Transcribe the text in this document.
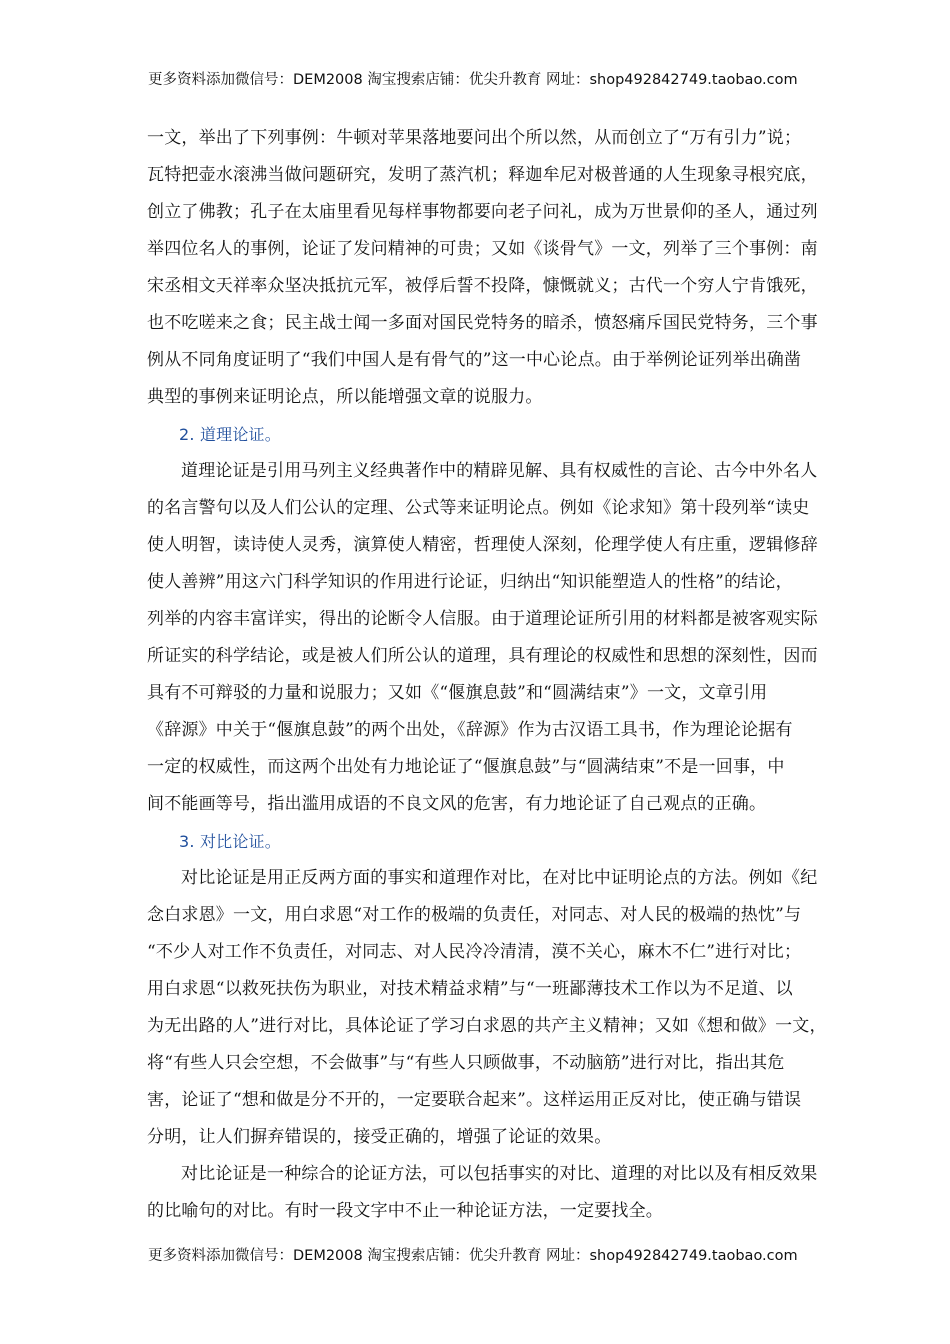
更多资料添加微信号：DEM2008 淘宝搜索店铺：优尖升教育 网址：shop492842749.taobao.com
一文，举出了下列事例：牛顿对苹果落地要问出个所以然，从而创立了“万有引力”说；
瓦特把壶水滚沸当做问题研究，发明了蒸汽机；释迦牟尼对极普通的人生现象寻根究底，
创立了佛教；孔子在太庙里看见每样事物都要向老子问礼，成为万世景仰的圣人，通过列
举四位名人的事例，论证了发问精神的可贵；又如《谈骨气》一文，列举了三个事例：南
宋丞相文天祥率众坚决抵抗元军，被俘后誓不投降，慷慨就义；古代一个穷人宁肯饿死，
也不吃嗟来之食；民主战士闻一多面对国民党特务的暗杀，愤怒痛斥国民党特务，三个事
例从不同角度证明了“我们中国人是有骨气的”这一中心论点。由于举例论证列举出确凿
典型的事例来证明论点，所以能增强文章的说服力。
2. 道理论证。
道理论证是引用马列主义经典著作中的精辟见解、具有权威性的言论、古今中外名人
的名言警句以及人们公认的定理、公式等来证明论点。例如《论求知》第十段列举“读史
使人明智，读诗使人灵秀，演算使人精密，哲理使人深刻，伦理学使人有庄重，逻辑修辞
使人善辨”用这六门科学知识的作用进行论证，归纳出“知识能塑造人的性格”的结论，
列举的内容丰富详实，得出的论断令人信服。由于道理论证所引用的材料都是被客观实际
所证实的科学结论，或是被人们所公认的道理，具有理论的权威性和思想的深刻性，因而
具有不可辩驳的力量和说服力；又如《“偃旗息鼓”和“圆满结束”》一文，文章引用
《辞源》中关于“偃旗息鼓”的两个出处，《辞源》作为古汉语工具书，作为理论论据有
一定的权威性，而这两个出处有力地论证了“偃旗息鼓”与“圆满结束”不是一回事，中
间不能画等号，指出滥用成语的不良文风的危害，有力地论证了自己观点的正确。
3. 对比论证。
对比论证是用正反两方面的事实和道理作对比，在对比中证明论点的方法。例如《纪
念白求恩》一文，用白求恩“对工作的极端的负责任，对同志、对人民的极端的热忱”与
“不少人对工作不负责任，对同志、对人民冷冷清清，漠不关心，麻木不仁”进行对比；
用白求恩“以救死扶伤为职业，对技术精益求精”与“一班鄙薄技术工作以为不足道、以
为无出路的人”进行对比，具体论证了学习白求恩的共产主义精神；又如《想和做》一文，
将“有些人只会空想，不会做事”与“有些人只顾做事，不动脑筋”进行对比，指出其危
害，论证了“想和做是分不开的，一定要联合起来”。这样运用正反对比，使正确与错误
分明，让人们摒弃错误的，接受正确的，增强了论证的效果。
对比论证是一种综合的论证方法，可以包括事实的对比、道理的对比以及有相反效果
的比喻句的对比。有时一段文字中不止一种论证方法，一定要找全。
更多资料添加微信号：DEM2008 淘宝搜索店铺：优尖升教育 网址：shop492842749.taobao.com
